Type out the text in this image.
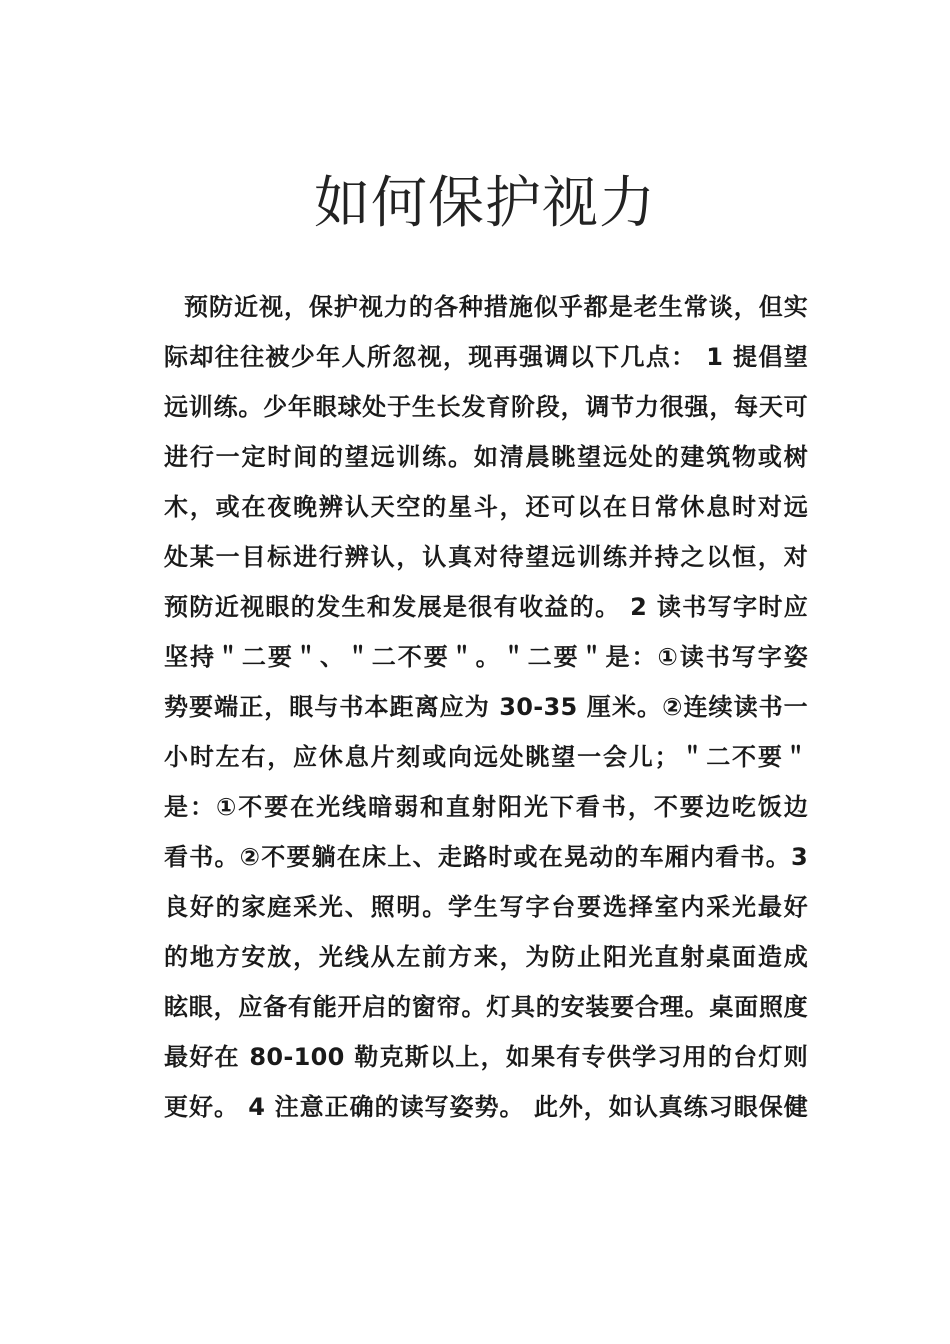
如何保护视力
预防近视，保护视力的各种措施似乎都是老生常谈，但实
际却往往被少年人所忽视，现再强调以下几点： 1 提倡望
远训练。少年眼球处于生长发育阶段，调节力很强，每天可
进行一定时间的望远训练。如清晨眺望远处的建筑物或树
木，或在夜晚辨认天空的星斗，还可以在日常休息时对远
处某一目标进行辨认，认真对待望远训练并持之以恒，对
预防近视眼的发生和发展是很有收益的。 2 读书写字时应
坚持＂二要＂、＂二不要＂。＂二要＂是：①读书写字姿
势要端正，眼与书本距离应为 30-35 厘米。②连续读书一
小时左右，应休息片刻或向远处眺望一会儿；＂二不要＂
是：①不要在光线暗弱和直射阳光下看书，不要边吃饭边
看书。②不要躺在床上、走路时或在晃动的车厢内看书。3
良好的家庭采光、照明。学生写字台要选择室内采光最好
的地方安放，光线从左前方来，为防止阳光直射桌面造成
眩眼，应备有能开启的窗帘。灯具的安装要合理。桌面照度
最好在 80-100 勒克斯以上，如果有专供学习用的台灯则
更好。 4 注意正确的读写姿势。 此外，如认真练习眼保健
